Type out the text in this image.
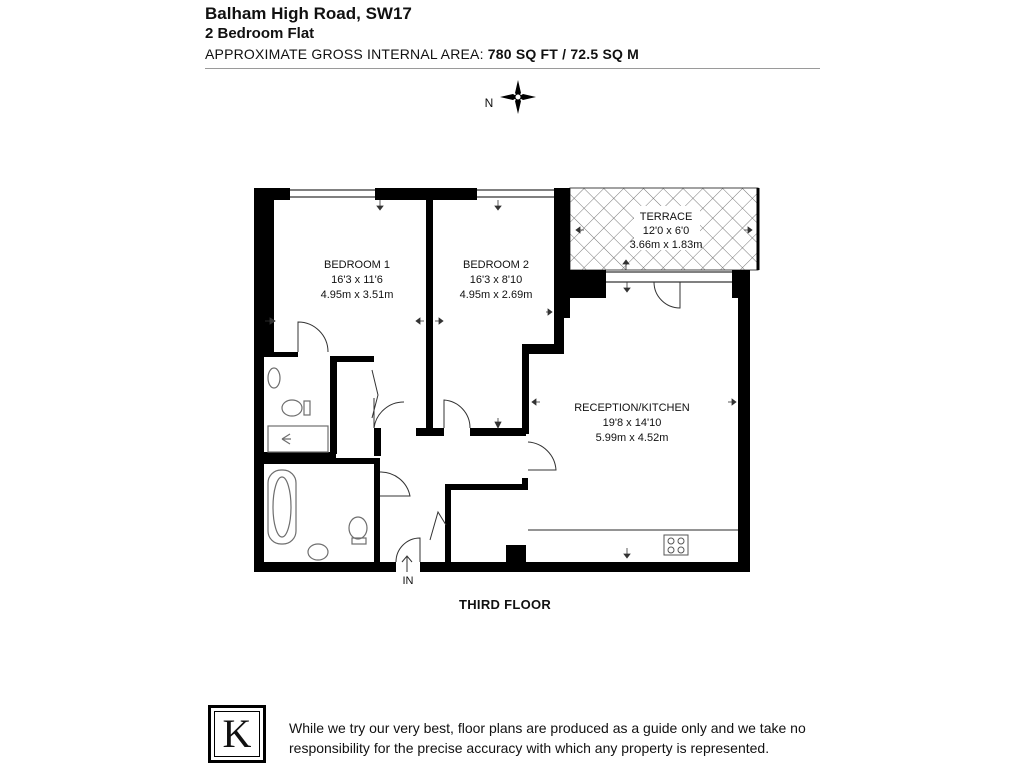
Balham High Road, SW17
2 Bedroom Flat
APPROXIMATE GROSS INTERNAL AREA: 780 SQ FT / 72.5 SQ M
N
BEDROOM 1
16'3 x 11'6
4.95m x 3.51m
BEDROOM 2
16'3 x 8'10
4.95m x 2.69m
TERRACE
12'0 x 6'0
3.66m x 1.83m
RECEPTION/KITCHEN
19'8 x 14'10
5.99m x 4.52m
IN
THIRD FLOOR
K	While we try our very best, floor plans are produced as a guide only and we take no responsibility for the precise accuracy with which any property is represented.
